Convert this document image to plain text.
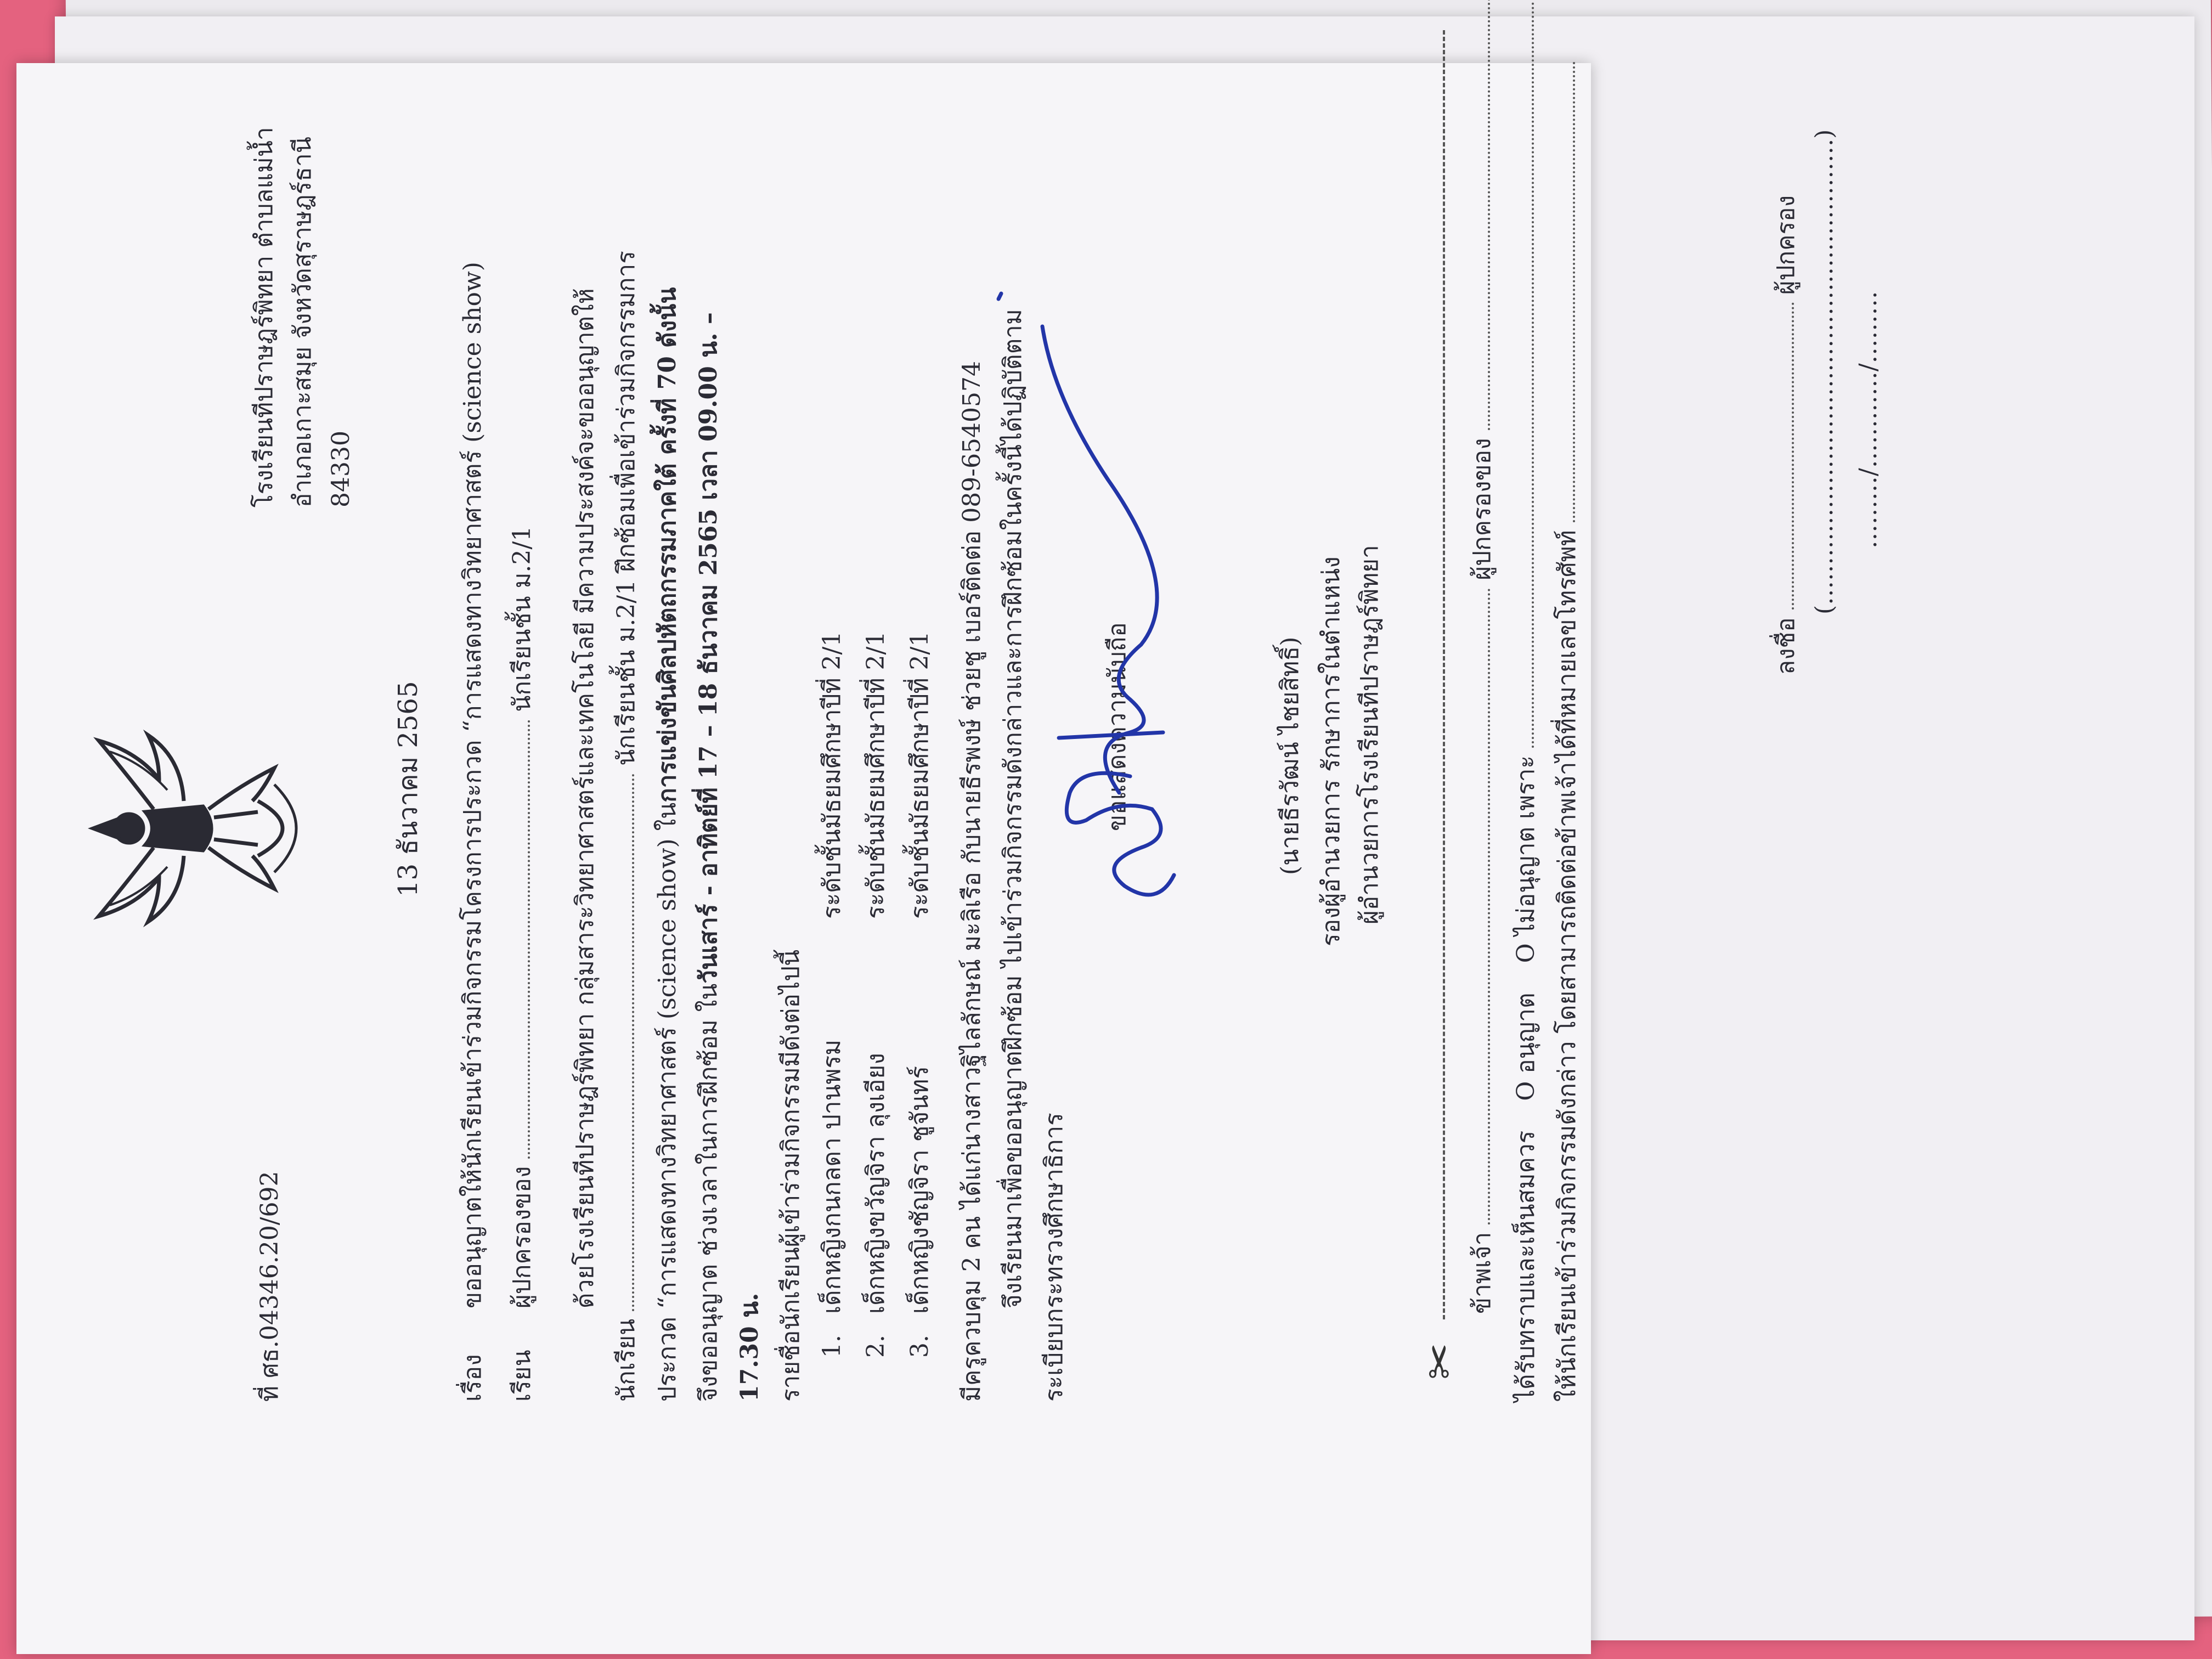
ที่ ศธ.04346.20/692
โรงเรียนทีปราษฎร์พิทยา ตำบลแม่น้ำ อำเภอเกาะสมุย จังหวัดสุราษฎร์ธานี 84330
13 ธันวาคม 2565
เรื่อง
ขออนุญาตให้นักเรียนเข้าร่วมกิจกรรมโครงการประกวด “การแสดงทางวิทยาศาสตร์ (science show)
เรียน
ผู้ปกครองของ  นักเรียนชั้น ม.2/1 ด้วยโรงเรียนทีปราษฎร์พิทยา กลุ่มสาระวิทยาศาสตร์และเทคโนโลยี มีความประสงค์จะขออนุญาตให้
นักเรียน  นักเรียนชั้น ม.2/1 ฝึกซ้อมเพื่อเข้าร่วมกิจกรรมการ
ประกวด “การแสดงทางวิทยาศาสตร์ (science show) ในการแข่งขันศิลปหัตถกรรมภาคใต้ ครั้งที่ 70 ดังนั้น
จึงขออนุญาต ช่วงเวลาในการฝึกซ้อม ในวันเสาร์ - อาทิตย์ที่ 17 – 18 ธันวาคม 2565 เวลา 09.00 น. –
17.30 น. รายชื่อนักเรียนผู้เข้าร่วมกิจกรรมมีดังต่อไปนี้ 1.
เด็กหญิงกนกลดา ปานพรม
ระดับชั้นมัธยมศึกษาปีที่ 2/1
2.
เด็กหญิงขวัญจิรา ลุงเอียง
ระดับชั้นมัธยมศึกษาปีที่ 2/1
3.
เด็กหญิงชัญจิรา ชูจันทร์
ระดับชั้นมัธยมศึกษาปีที่ 2/1 มีครูควบคุม 2 คน ได้แก่นางสาวฐิไลลักษณ์ มะลิเรือ กับนายธีรพงษ์ ช่วยชู เบอร์ติดต่อ 089-6540574 จึงเรียนมาเพื่อขออนุญาตฝึกซ้อม ไปเข้าร่วมกิจกรรมดังกล่าวและการฝึกซ้อมในครั้งนี้ได้ปฏิบัติตาม ระเบียบกระทรวงศึกษาธิการ
ขอแสดงความนับถือ	(นายธีรวัฒน์ ไชยสิทธิ์) รองผู้อำนวยการ รักษาการในตำแหน่ง ผู้อำนวยการโรงเรียนทีปราษฎร์พิทยา
✂
ข้าพเจ้า  ผู้ปกครองของ
ได้รับทราบและเห็นสมควร O อนุญาต O ไม่อนุญาต เพราะ ให้นักเรียนเข้าร่วมกิจกรรมดังกล่าว โดยสามารถติดต่อข้าพเจ้าได้ที่หมายเลขโทรศัพท์	ลงชื่อ  ผู้ปกครอง (………………………………………………….) ………/…………/………
